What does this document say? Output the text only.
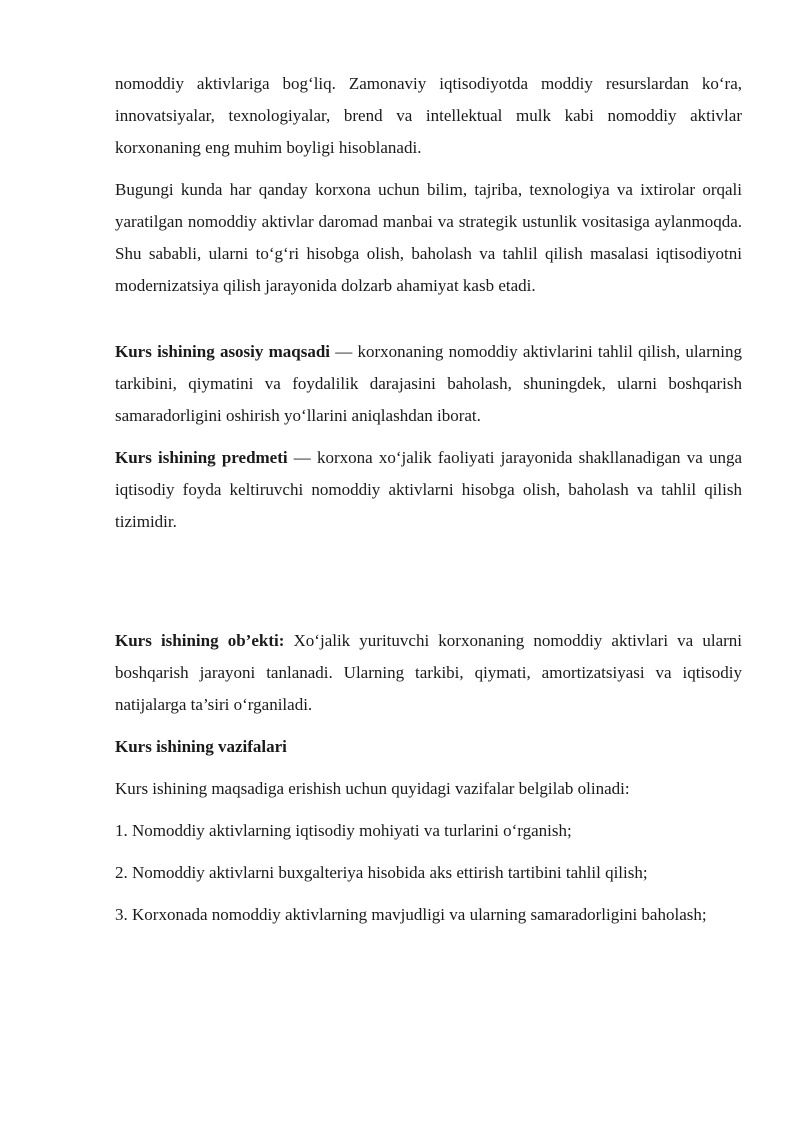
nomoddiy aktivlariga bog‘liq. Zamonaviy iqtisodiyotda moddiy resurslardan ko‘ra, innovatsiyalar, texnologiyalar, brend va intellektual mulk kabi nomoddiy aktivlar korxonaning eng muhim boyligi hisoblanadi.

Bugungi kunda har qanday korxona uchun bilim, tajriba, texnologiya va ixtirolar orqali yaratilgan nomoddiy aktivlar daromad manbai va strategik ustunlik vositasiga aylanmoqda. Shu sababli, ularni to‘g‘ri hisobga olish, baholash va tahlil qilish masalasi iqtisodiyotni modernizatsiya qilish jarayonida dolzarb ahamiyat kasb etadi.

Kurs ishining asosiy maqsadi — korxonaning nomoddiy aktivlarini tahlil qilish, ularning tarkibini, qiymatini va foydalilik darajasini baholash, shuningdek, ularni boshqarish samaradorligini oshirish yo‘llarini aniqlashdan iborat.

Kurs ishining predmeti — korxona xo‘jalik faoliyati jarayonida shakllanadigan va unga iqtisodiy foyda keltiruvchi nomoddiy aktivlarni hisobga olish, baholash va tahlil qilish tizimidir.

Kurs ishining ob’ekti: Xo‘jalik yurituvchi korxonaning nomoddiy aktivlari va ularni boshqarish jarayoni tanlanadi. Ularning tarkibi, qiymati, amortizatsiyasi va iqtisodiy natijalarga ta’siri o‘rganiladi.

Kurs ishining vazifalari

Kurs ishining maqsadiga erishish uchun quyidagi vazifalar belgilab olinadi:

1. Nomoddiy aktivlarning iqtisodiy mohiyati va turlarini o‘rganish;

2. Nomoddiy aktivlarni buxgalteriya hisobida aks ettirish tartibini tahlil qilish;

3. Korxonada nomoddiy aktivlarning mavjudligi va ularning samaradorligini baholash;
